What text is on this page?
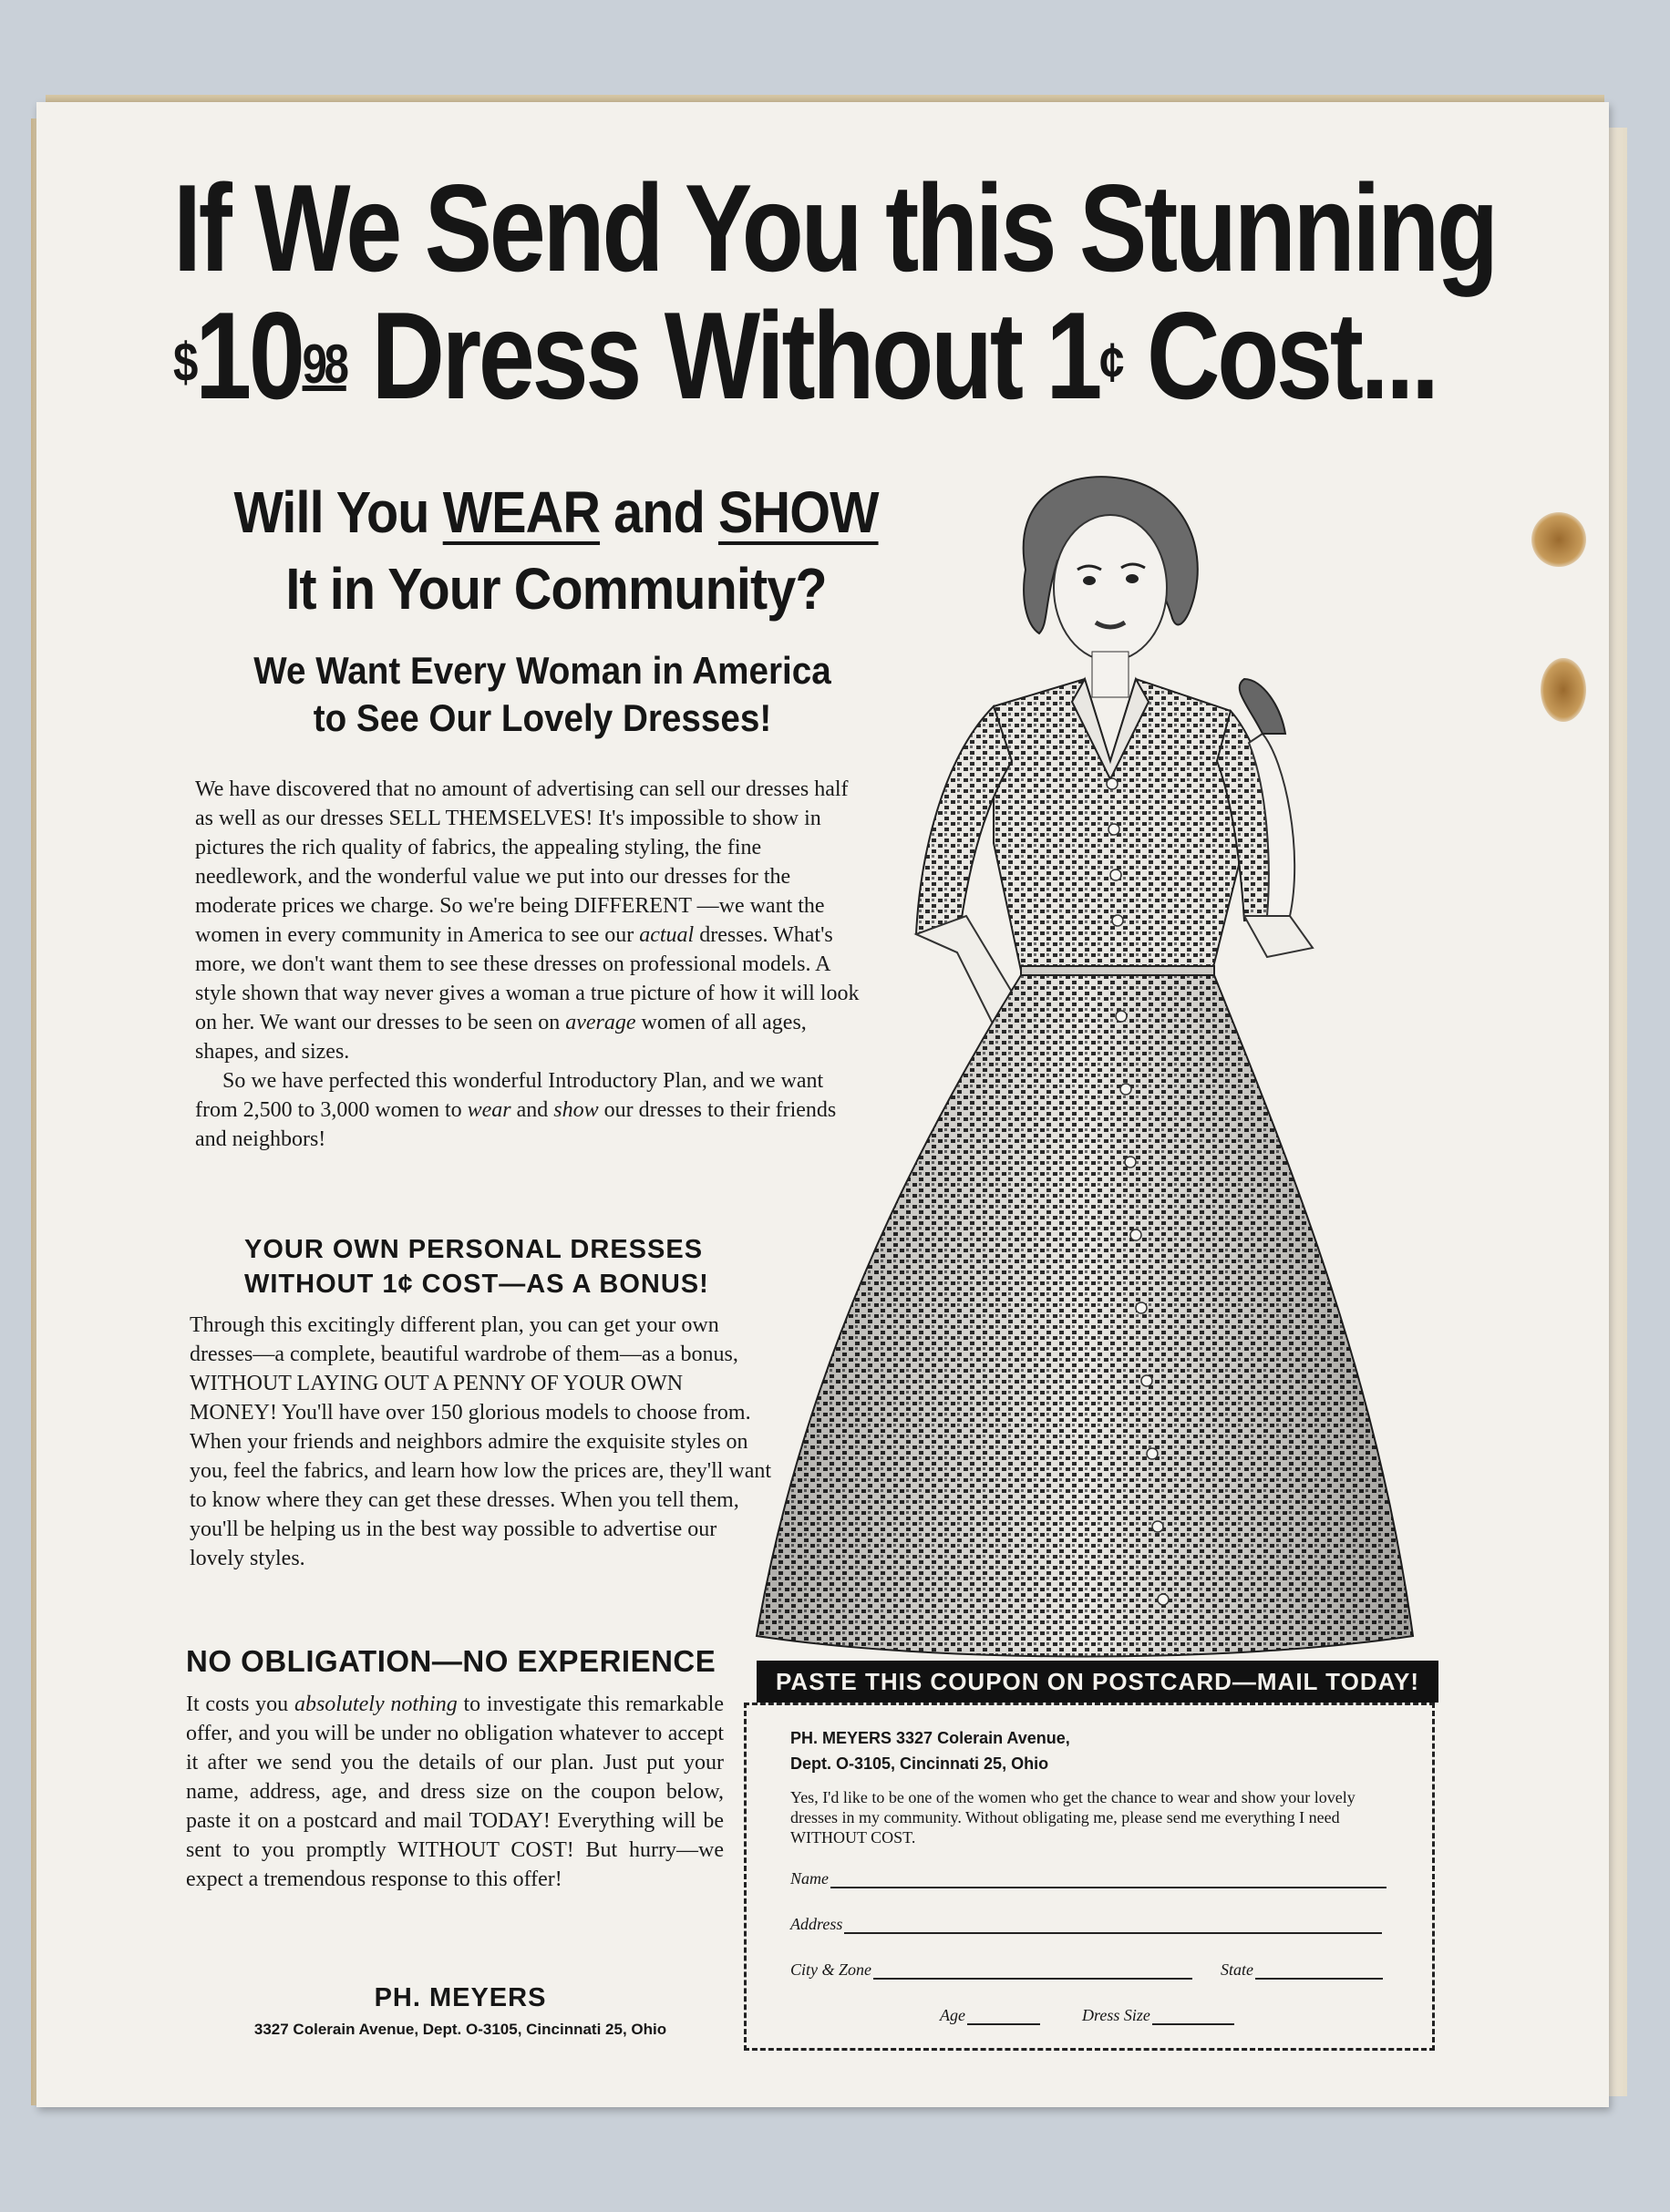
If We Send You this Stunning
$^{\$}10^{98}$ Dress Without 1¢ Cost...
Will You WEAR and SHOW
It in Your Community?
We Want Every Woman in America
to See Our Lovely Dresses!

We have discovered that no amount of advertising can sell our dresses half as well as our dresses SELL THEMSELVES! It's impossible to show in pictures the rich quality of fabrics, the appealing styling, the fine needlework, and the wonderful value we put into our dresses for the moderate prices we charge. So we're being DIFFERENT —we want the women in every community in America to see our actual dresses. What's more, we don't want them to see these dresses on professional models. A style shown that way never gives a woman a true picture of how it will look on her. We want our dresses to be seen on average women of all ages, shapes, and sizes.

So we have perfected this wonderful Introductory Plan, and we want from 2,500 to 3,000 women to wear and show our dresses to their friends and neighbors!

YOUR OWN PERSONAL DRESSES
WITHOUT 1¢ COST—AS A BONUS!

Through this excitingly different plan, you can get your own dresses—a complete, beautiful wardrobe of them—as a bonus, WITHOUT LAYING OUT A PENNY OF YOUR OWN MONEY! You'll have over 150 glorious models to choose from. When your friends and neighbors admire the exquisite styles on you, feel the fabrics, and learn how low the prices are, they'll want to know where they can get these dresses. When you tell them, you'll be helping us in the best way possible to advertise our lovely styles.

NO OBLIGATION—NO EXPERIENCE

It costs you absolutely nothing to investigate this remarkable offer, and you will be under no obligation whatever to accept it after we send you the details of our plan. Just put your name, address, age, and dress size on the coupon below, paste it on a postcard and mail TODAY! Everything will be sent to you promptly WITHOUT COST! But hurry—we expect a tremendous response to this offer!

PH. MEYERS
3327 Colerain Avenue, Dept. O-3105, Cincinnati 25, Ohio
PASTE THIS COUPON ON POSTCARD—MAIL TODAY!
PH. MEYERS 3327 Colerain Avenue,
Dept. O-3105, Cincinnati 25, Ohio
Yes, I'd like to be one of the women who get the chance to wear and show your lovely dresses in my community. Without obligating me, please send me everything I need WITHOUT COST.
Name
Address
City & Zone	State
Age	Dress Size
